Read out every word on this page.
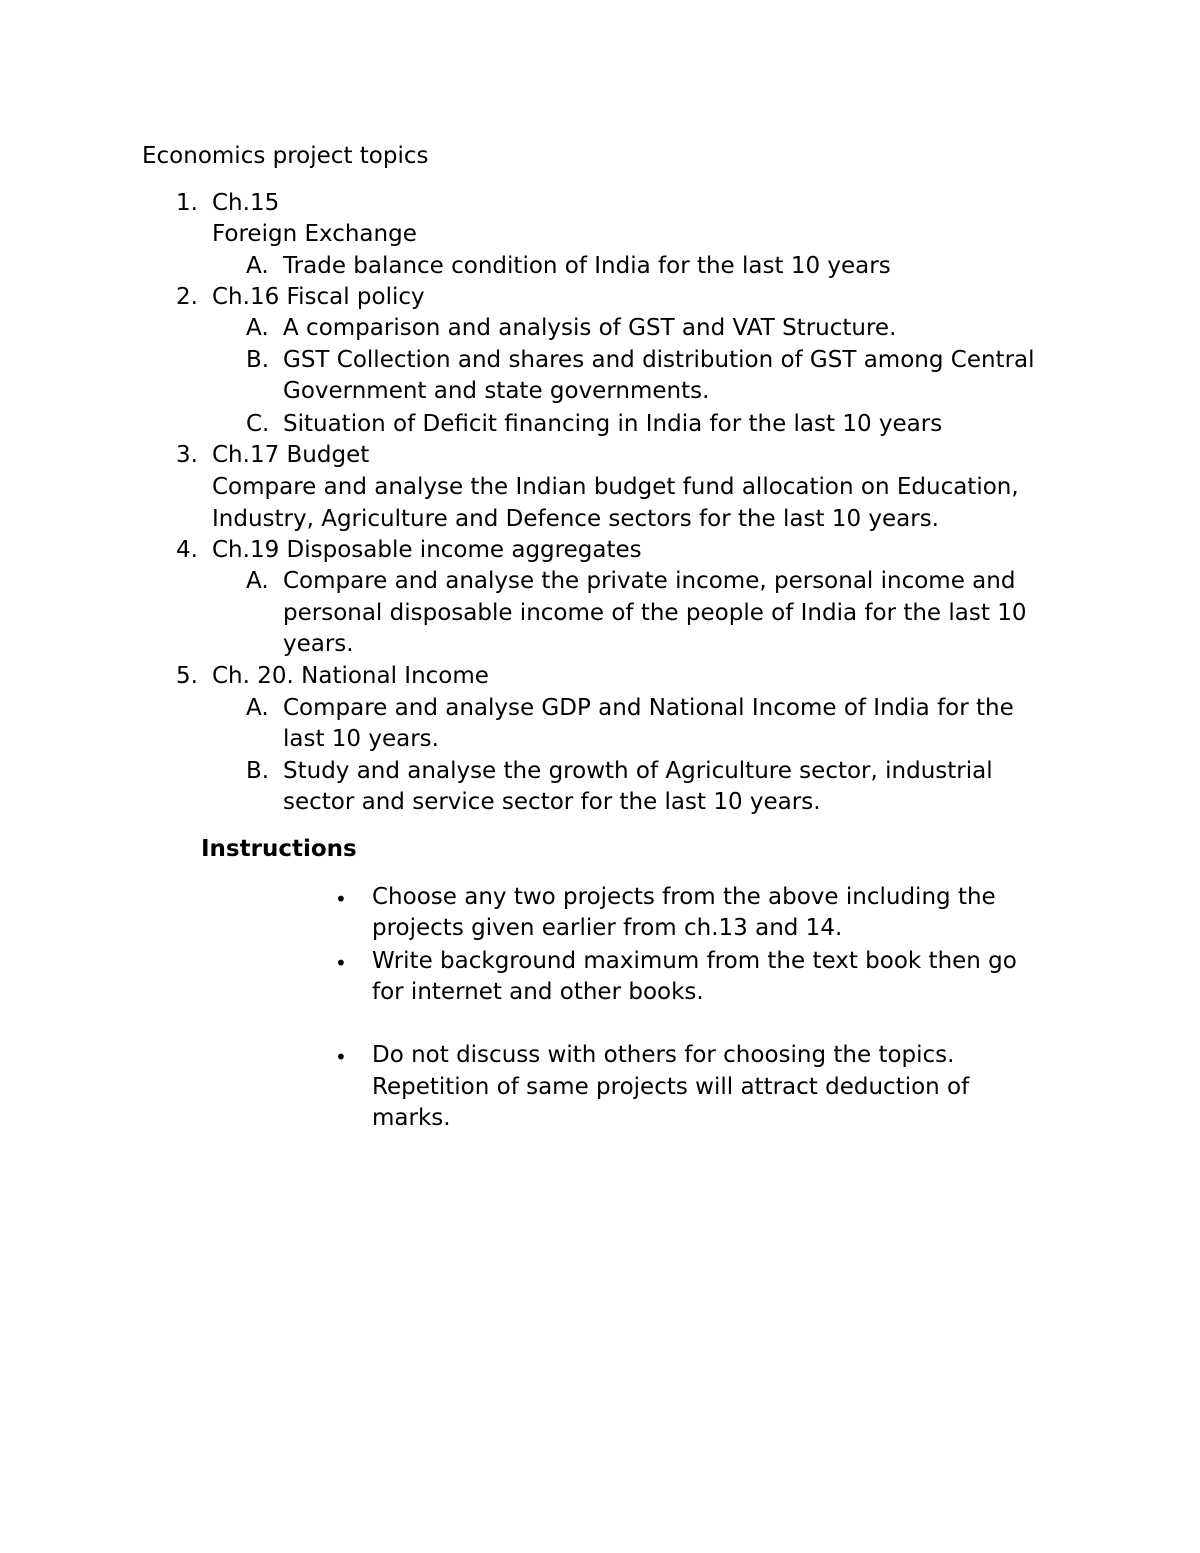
Economics project topics
1. Ch.15
Foreign Exchange
A. Trade balance condition of India for the last 10 years
2. Ch.16 Fiscal policy
A. A comparison and analysis of GST and VAT Structure.
B. GST Collection and shares and distribution of GST among Central
Government and state governments.
C. Situation of Deficit financing in India for the last 10 years
3. Ch.17 Budget
Compare and analyse the Indian budget fund allocation on Education,
Industry, Agriculture and Defence sectors for the last 10 years.
4. Ch.19 Disposable income aggregates
A. Compare and analyse the private income, personal income and
personal disposable income of the people of India for the last 10
years.
5. Ch. 20. National Income
A. Compare and analyse GDP and National Income of India for the
last 10 years.
B. Study and analyse the growth of Agriculture sector, industrial
sector and service sector for the last 10 years.
Instructions
• Choose any two projects from the above including the
projects given earlier from ch.13 and 14.
• Write background maximum from the text book then go
for internet and other books.
• Do not discuss with others for choosing the topics.
Repetition of same projects will attract deduction of
marks.
